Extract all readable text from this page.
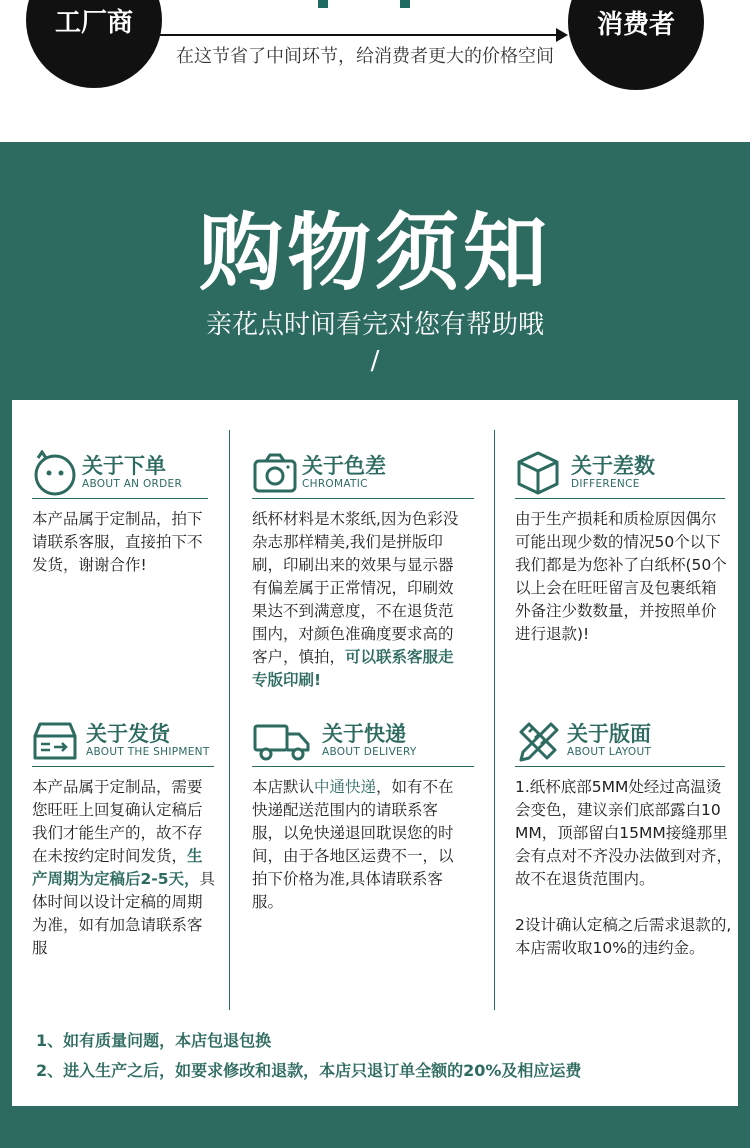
工厂商
在这节省了中间环节，给消费者更大的价格空间
消费者
购物须知
亲花点时间看完对您有帮助哦
/
关于下单
ABOUT AN ORDER
本产品属于定制品，拍下请联系客服，直接拍下不发货，谢谢合作!
关于色差
CHROMATIC
纸杯材料是木浆纸,因为色彩没杂志那样精美,我们是拼版印刷，印刷出来的效果与显示器有偏差属于正常情况，印刷效果达不到满意度，不在退货范围内，对颜色准确度要求高的客户，慎拍，可以联系客服走专版印刷!
关于差数
DIFFERENCE
由于生产损耗和质检原因偶尔可能出现少数的情况50个以下我们都是为您补了白纸杯(50个以上会在旺旺留言及包裹纸箱外备注少数数量，并按照单价进行退款)!
关于发货
ABOUT THE SHIPMENT
本产品属于定制品，需要您旺旺上回复确认定稿后我们才能生产的，故不存在未按约定时间发货，生产周期为定稿后2-5天，具体时间以设计定稿的周期为准，如有加急请联系客服
关于快递
ABOUT DELIVERY
本店默认中通快递，如有不在快递配送范围内的请联系客服，以免快递退回耽误您的时间，由于各地区运费不一，以拍下价格为准,具体请联系客服。
关于版面
ABOUT LAYOUT
1.纸杯底部5MM处经过高温烫会变色，建议亲们底部露白10MM，顶部留白15MM接缝那里会有点对不齐没办法做到对齐，故不在退货范围内。
2设计确认定稿之后需求退款的,本店需收取10%的违约金。
1、如有质量问题，本店包退包换
2、进入生产之后，如要求修改和退款，本店只退订单全额的20%及相应运费
